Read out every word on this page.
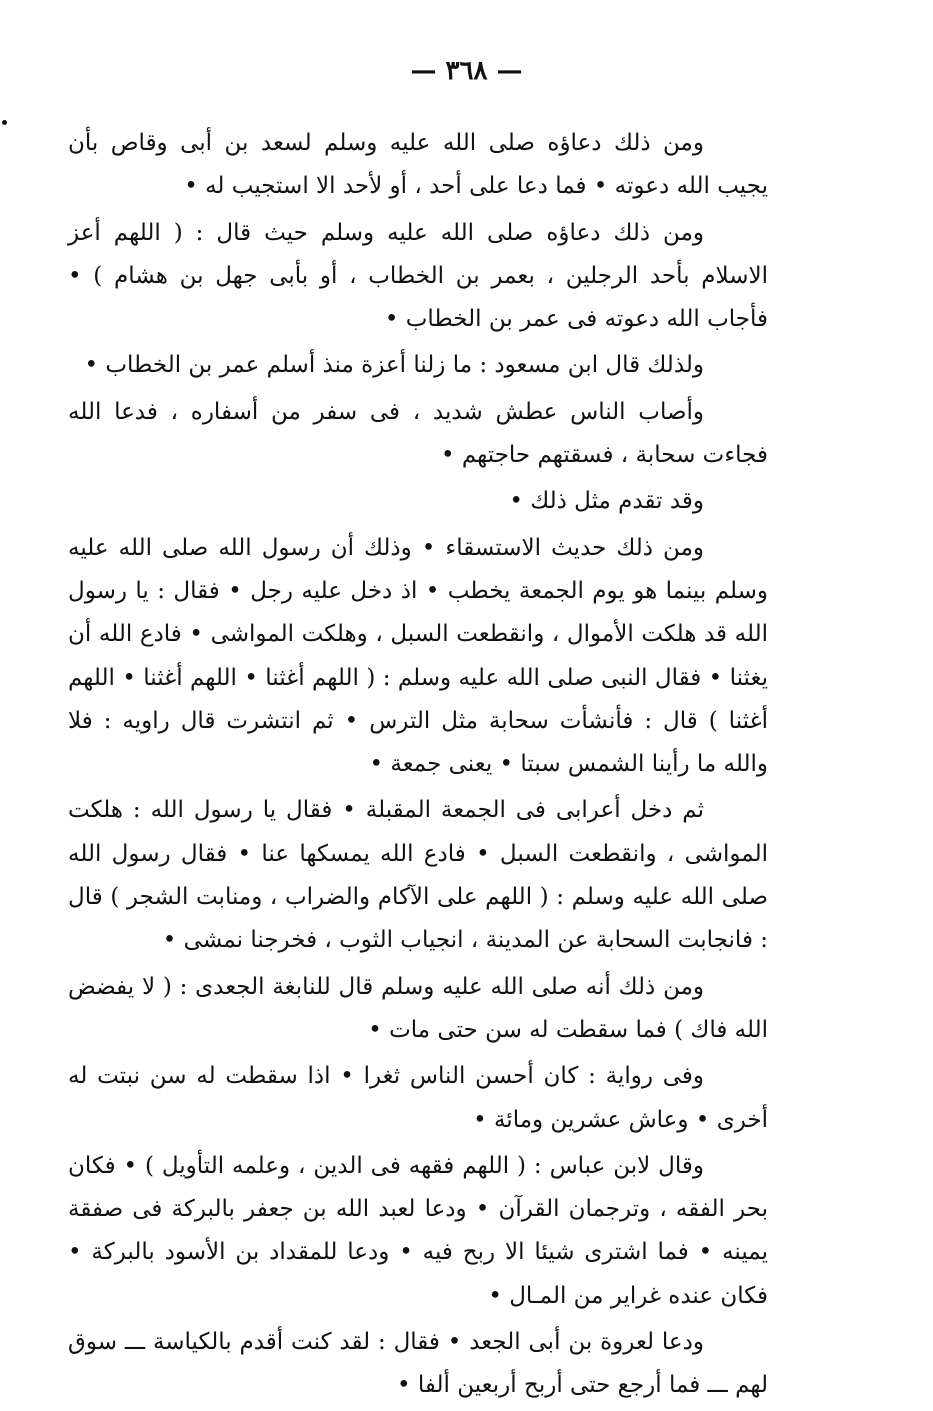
— ٣٦٨ —

ومن ذلك دعاؤه صلى الله عليه وسلم لسعد بن أبى وقاص بأن يجيب الله دعوته • فما دعا على أحد ، أو لأحد الا استجيب له •

ومن ذلك دعاؤه صلى الله عليه وسلم حيث قال : ( اللهم أعز الاسلام بأحد الرجلين ، بعمر بن الخطاب ، أو بأبى جهل بن هشام ) • فأجاب الله دعوته فى عمر بن الخطاب •

ولذلك قال ابن مسعود : ما زلنا أعزة منذ أسلم عمر بن الخطاب •

وأصاب الناس عطش شديد ، فى سفر من أسفاره ، فدعا الله فجاءت سحابة ، فسقتهم حاجتهم •

وقد تقدم مثل ذلك •

ومن ذلك حديث الاستسقاء • وذلك أن رسول الله صلى الله عليه وسلم بينما هو يوم الجمعة يخطب • اذ دخل عليه رجل • فقال : يا رسول الله قد هلكت الأموال ، وانقطعت السبل ، وهلكت المواشى • فادع الله أن يغثنا • فقال النبى صلى الله عليه وسلم : ( اللهم أغثنا • اللهم أغثنا • اللهم أغثنا ) قال : فأنشأت سحابة مثل الترس • ثم انتشرت قال راويه : فلا والله ما رأينا الشمس سبتا • يعنى جمعة •

ثم دخل أعرابى فى الجمعة المقبلة • فقال يا رسول الله : هلكت المواشى ، وانقطعت السبل • فادع الله يمسكها عنا • فقال رسول الله صلى الله عليه وسلم : ( اللهم على الآكام والضراب ، ومنابت الشجر ) قال : فانجابت السحابة عن المدينة ، انجياب الثوب ، فخرجنا نمشى •

ومن ذلك أنه صلى الله عليه وسلم قال للنابغة الجعدى : ( لا يفضض الله فاك ) فما سقطت له سن حتى مات •

وفى رواية : كان أحسن الناس ثغرا • اذا سقطت له سن نبتت له أخرى • وعاش عشرين ومائة •

وقال لابن عباس : ( اللهم فقهه فى الدين ، وعلمه التأويل ) • فكان بحر الفقه ، وترجمان القرآن • ودعا لعبد الله بن جعفر بالبركة فى صفقة يمينه • فما اشترى شيئا الا ربح فيه • ودعا للمقداد بن الأسود بالبركة • فكان عنده غراير من المـال •

ودعا لعروة بن أبى الجعد • فقال : لقد كنت أقدم بالكياسة ـــ سوق لهم ـــ فما أرجع حتى أربح أربعين ألفا •
